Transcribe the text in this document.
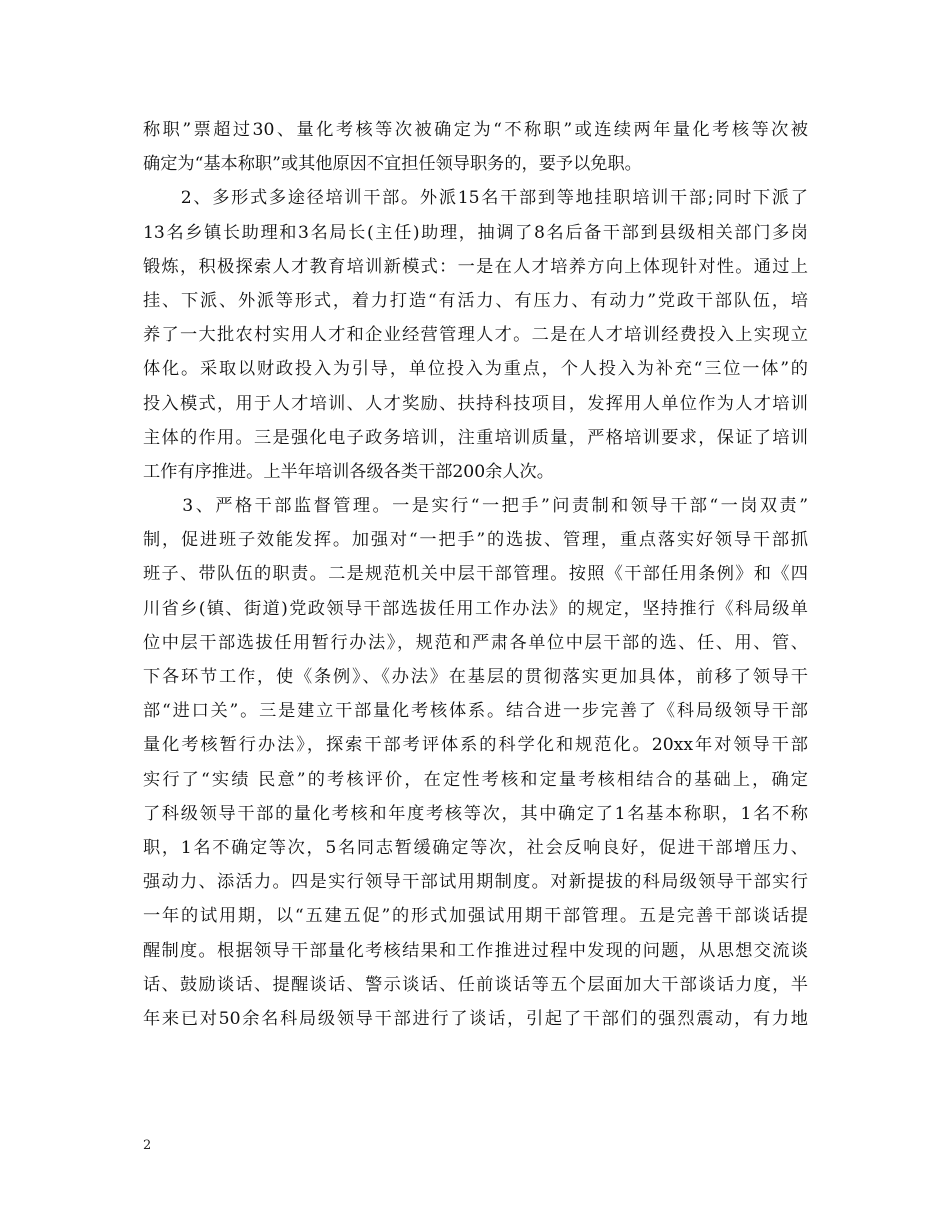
称职”票超过30、量化考核等次被确定为“不称职”或连续两年量化考核等次被
确定为“基本称职”或其他原因不宜担任领导职务的，要予以免职。
　　2、多形式多途径培训干部。外派15名干部到等地挂职培训干部;同时下派了
13名乡镇长助理和3名局长(主任)助理，抽调了8名后备干部到县级相关部门多岗
锻炼，积极探索人才教育培训新模式：一是在人才培养方向上体现针对性。通过上
挂、下派、外派等形式，着力打造“有活力、有压力、有动力”党政干部队伍，培
养了一大批农村实用人才和企业经营管理人才。二是在人才培训经费投入上实现立
体化。采取以财政投入为引导，单位投入为重点，个人投入为补充“三位一体”的
投入模式，用于人才培训、人才奖励、扶持科技项目，发挥用人单位作为人才培训
主体的作用。三是强化电子政务培训，注重培训质量，严格培训要求，保证了培训
工作有序推进。上半年培训各级各类干部200余人次。
　　3、严格干部监督管理。一是实行“一把手”问责制和领导干部“一岗双责”
制，促进班子效能发挥。加强对“一把手”的选拔、管理，重点落实好领导干部抓
班子、带队伍的职责。二是规范机关中层干部管理。按照《干部任用条例》和《四
川省乡(镇、街道)党政领导干部选拔任用工作办法》的规定，坚持推行《科局级单
位中层干部选拔任用暂行办法》，规范和严肃各单位中层干部的选、任、用、管、
下各环节工作，使《条例》、《办法》在基层的贯彻落实更加具体，前移了领导干
部“进口关”。三是建立干部量化考核体系。结合进一步完善了《科局级领导干部
量化考核暂行办法》，探索干部考评体系的科学化和规范化。20xx年对领导干部
实行了“实绩 民意”的考核评价，在定性考核和定量考核相结合的基础上，确定
了科级领导干部的量化考核和年度考核等次，其中确定了1名基本称职，1名不称
职，1名不确定等次，5名同志暂缓确定等次，社会反响良好，促进干部增压力、
强动力、添活力。四是实行领导干部试用期制度。对新提拔的科局级领导干部实行
一年的试用期，以“五建五促”的形式加强试用期干部管理。五是完善干部谈话提
醒制度。根据领导干部量化考核结果和工作推进过程中发现的问题，从思想交流谈
话、鼓励谈话、提醒谈话、警示谈话、任前谈话等五个层面加大干部谈话力度，半
年来已对50余名科局级领导干部进行了谈话，引起了干部们的强烈震动，有力地
2
